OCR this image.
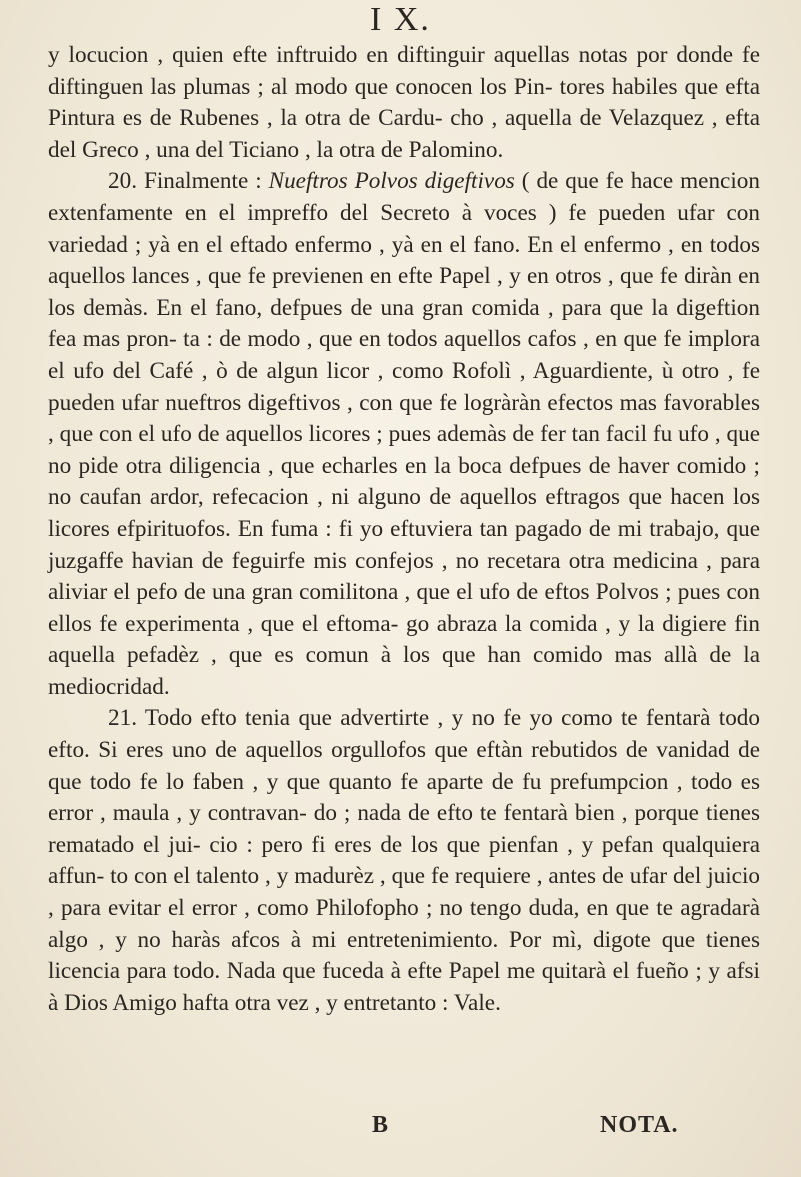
I X.

y locucion , quien efte inftruido en diftinguir aquellas notas por donde fe diftinguen las plumas ; al modo que conocen los Pin- tores habiles que efta Pintura es de Rubenes , la otra de Cardu- cho , aquella de Velazquez , efta del Greco , una del Ticiano , la otra de Palomino.

20. Finalmente : Nueftros Polvos digeftivos ( de que fe hace mencion extenfamente en el impreffo del Secreto à voces ) fe pueden ufar con variedad ; yà en el eftado enfermo , yà en el fano. En el enfermo , en todos aquellos lances , que fe previenen en efte Papel , y en otros , que fe diràn en los demàs. En el fano, defpues de una gran comida , para que la digeftion fea mas pron- ta : de modo , que en todos aquellos cafos , en que fe implora el ufo del Café , ò de algun licor , como Rofolì , Aguardiente, ù otro , fe pueden ufar nueftros digeftivos , con que fe logràràn efectos mas favorables , que con el ufo de aquellos licores ; pues ademàs de fer tan facil fu ufo , que no pide otra diligencia , que echarles en la boca defpues de haver comido ; no caufan ardor, refecacion , ni alguno de aquellos eftragos que hacen los licores efpirituofos. En fuma : fi yo eftuviera tan pagado de mi trabajo, que juzgaffe havian de feguirfe mis confejos , no recetara otra medicina , para aliviar el pefo de una gran comilitona , que el ufo de eftos Polvos ; pues con ellos fe experimenta , que el eftoma- go abraza la comida , y la digiere fin aquella pefadèz , que es comun à los que han comido mas allà de la mediocridad.

21. Todo efto tenia que advertirte , y no fe yo como te fentarà todo efto. Si eres uno de aquellos orgullofos que eftàn rebutidos de vanidad de que todo fe lo faben , y que quanto fe aparte de fu prefumpcion , todo es error , maula , y contravan- do ; nada de efto te fentarà bien , porque tienes rematado el jui- cio : pero fi eres de los que pienfan , y pefan qualquiera affun- to con el talento , y madurèz , que fe requiere , antes de ufar del juicio , para evitar el error , como Philofopho ; no tengo duda, en que te agradarà algo , y no haràs afcos à mi entretenimiento. Por mì, digote que tienes licencia para todo. Nada que fuceda à efte Papel me quitarà el fueño ; y afsi à Dios Amigo hafta otra vez , y entretanto : Vale.

B	NOTA.
